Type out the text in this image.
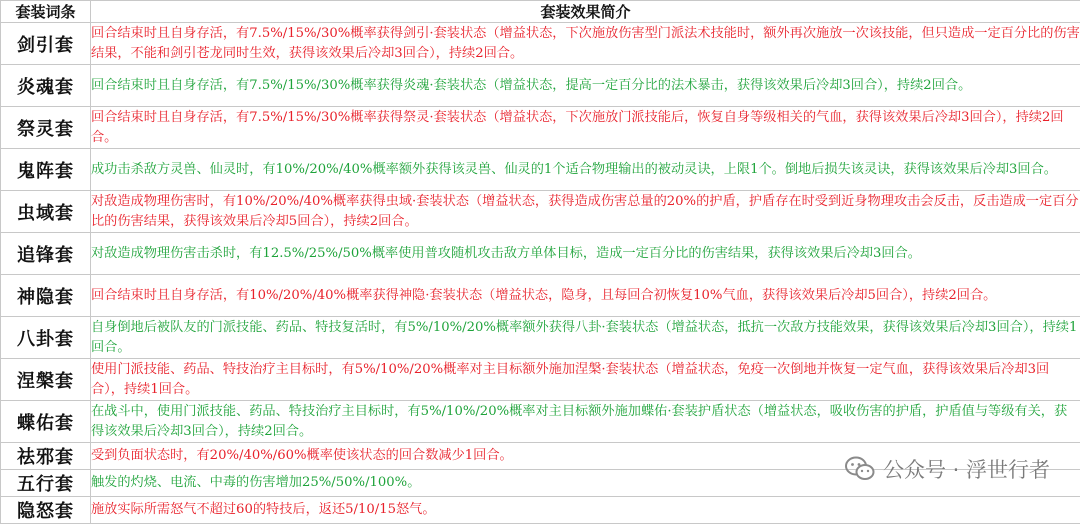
套装词条	套装效果简介
剑引套	回合结束时且自身存活，有7.5%/15%/30%概率获得剑引·套装状态（增益状态，下次施放伤害型门派法术技能时，额外再次施放一次该技能，但只造成一定百分比的伤害结果，不能和剑引苍龙同时生效，获得该效果后冷却3回合），持续2回合。
炎魂套	回合结束时且自身存活，有7.5%/15%/30%概率获得炎魂·套装状态（增益状态，提高一定百分比的法术暴击，获得该效果后冷却3回合），持续2回合。
祭灵套	回合结束时且自身存活，有7.5%/15%/30%概率获得祭灵·套装状态（增益状态，下次施放门派技能后，恢复自身等级相关的气血，获得该效果后冷却3回合），持续2回合。
鬼阵套	成功击杀敌方灵兽、仙灵时，有10%/20%/40%概率额外获得该灵兽、仙灵的1个适合物理输出的被动灵诀，上限1个。倒地后损失该灵诀，获得该效果后冷却3回合。
虫域套	对敌造成物理伤害时，有10%/20%/40%概率获得虫域·套装状态（增益状态，获得造成伤害总量的20%的护盾，护盾存在时受到近身物理攻击会反击，反击造成一定百分比的伤害结果，获得该效果后冷却5回合），持续2回合。
追锋套	对敌造成物理伤害击杀时，有12.5%/25%/50%概率使用普攻随机攻击敌方单体目标，造成一定百分比的伤害结果，获得该效果后冷却3回合。
神隐套	回合结束时且自身存活，有10%/20%/40%概率获得神隐·套装状态（增益状态，隐身，且每回合初恢复10%气血，获得该效果后冷却5回合），持续2回合。
八卦套	自身倒地后被队友的门派技能、药品、特技复活时，有5%/10%/20%概率额外获得八卦·套装状态（增益状态，抵抗一次敌方技能效果，获得该效果后冷却3回合），持续1回合。
涅槃套	使用门派技能、药品、特技治疗主目标时，有5%/10%/20%概率对主目标额外施加涅槃·套装状态（增益状态，免疫一次倒地并恢复一定气血，获得该效果后冷却3回合），持续1回合。
蝶佑套	在战斗中，使用门派技能、药品、特技治疗主目标时，有5%/10%/20%概率对主目标额外施加蝶佑·套装护盾状态（增益状态，吸收伤害的护盾，护盾值与等级有关，获得该效果后冷却3回合），持续2回合。
祛邪套	受到负面状态时，有20%/40%/60%概率使该状态的回合数减少1回合。
五行套	触发的灼烧、电流、中毒的伤害增加25%/50%/100%。
隐怒套	施放实际所需怒气不超过60的特技后，返还5/10/15怒气。
公众号 · 浮世行者
